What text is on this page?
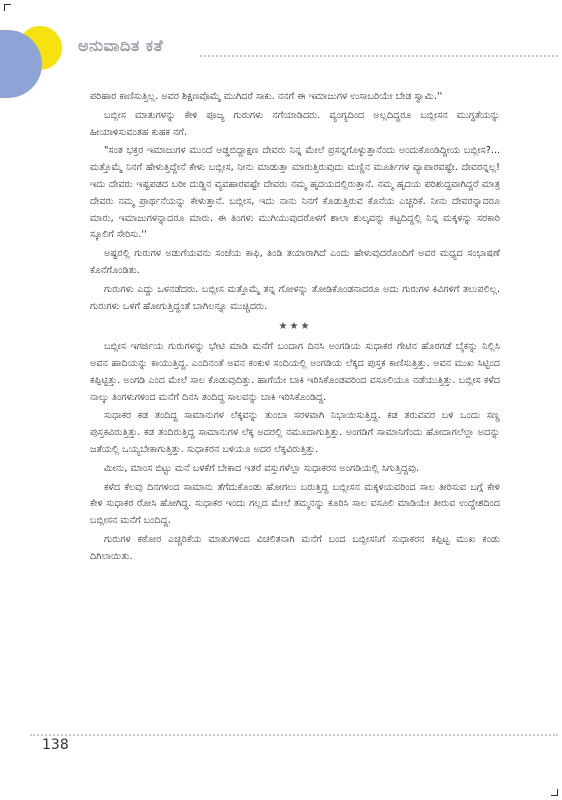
ಅನುವಾದಿತ ಕತೆ

ಪರಿಹಾರ ಕಾಣಿಸುತ್ತಿಲ್ಲ. ಅವರ ಶಿಕ್ಷಣವೊಮ್ಮೆ ಮುಗಿದರೆ ಸಾಕು. ನನಗೆ ಈ ಇಮಾಜುಗಳ ಉಸಾಬರಿಯೇ ಬೇಡ ಸ್ವಾಮಿ.''

ಬಬ್ಲೀಸ ಮಾತುಗಳನ್ನು ಕೇಳಿ ಪೂಜ್ಯ ಗುರುಗಳು ನಗೆಯಾಡಿದರು. ವ್ಯಂಗ್ಯದಿಂದ ಅಲ್ಲದಿದ್ದರೂ ಬಬ್ಲೀಸನ ಮುಗ್ಧತೆಯನ್ನು ಹೀಯಾಳಿಸುವಂತಹ ಕುಹಕ ನಗೆ.

"ಸಂತ ಭಕ್ತರ ಇಮಾಜುಗಳ ಮುಂದೆ ಅಡ್ಡಬಿದ್ದಾಕ್ಷಣ ದೇವರು ನಿನ್ನ ಮೇಲೆ ಪ್ರಸನ್ನಗೊಳ್ಳುತ್ತಾನೆಂದು ಅಂದುಕೊಂಡಿದ್ದೀಯ ಬಬ್ಲೀಸ?... ಮತ್ತೊಮ್ಮೆ ನಿನಗೆ ಹೇಳುತ್ತಿದ್ದೇನೆ ಕೇಳು ಬಬ್ಲೀಸ, ನೀನು ಮಾಡುತ್ತಾ ಮಾರುತ್ತಿರುವುದು ಮಣ್ಣಿನ ಮೂರ್ತಿಗಳ ವ್ಯಾಪಾರವಷ್ಟೇ. ದೇವರನ್ನಲ್ಲ! ಇದು ದೇವರು ಇಷ್ಟಪಡದ ಬರೀ ದುಡ್ಡಿನ ವ್ಯವಹಾರವಷ್ಟೇ ದೇವರು ನಮ್ಮ ಹೃದಯದಲ್ಲಿರುತ್ತಾನೆ. ನಮ್ಮ ಹೃದಯ ಪರಿಶುದ್ಧವಾಗಿದ್ದರೆ ಮಾತ್ರ ದೇವರು ನಮ್ಮ ಪ್ರಾರ್ಥನೆಯನ್ನು ಕೇಳುತ್ತಾನೆ. ಬಬ್ಲೀಸ, ಇದು ನಾನು ನಿನಗೆ ಕೊಡುತ್ತಿರುವ ಕೊನೆಯ ಎಚ್ಚರಿಕೆ. ನೀನು ದೇವರನ್ನಾದರೂ ಮಾರು, ಇಮಾಜುಗಳನ್ನಾದರೂ ಮಾರು. ಈ ತಿಂಗಳು ಮುಗಿಯುವುದರೊಳಗೆ ಶಾಲಾ ಶುಲ್ಕವನ್ನು ಕಟ್ಟದಿದ್ದಲ್ಲಿ ನಿನ್ನ ಮಕ್ಕಳನ್ನು ಸರಕಾರಿ ಸ್ಕೂಲಿಗೆ ಸೇರಿಸು.''

ಅಷ್ಟರಲ್ಲಿ ಗುರುಗಳ ಅಡುಗೆಯವನು ಸಂಜೆಯ ಕಾಫಿ, ತಿಂಡಿ ತಯಾರಾಗಿದೆ ಎಂದು ಹೇಳುವುದರೊಂದಿಗೆ ಅವರ ಮಧ್ಯದ ಸಂಭಾಷಣೆ ಕೊನೆಗೊಂಡಿತು.

ಗುರುಗಳು ಎದ್ದು ಒಳನಡೆದರು. ಬಬ್ಲೀಸ ಮತ್ತೊಮ್ಮೆ ತನ್ನ ಗೋಳನ್ನು ತೋಡಿಕೊಂಡನಾದರೂ ಅದು ಗುರುಗಳ ಕಿವಿಗಳಿಗೆ ತಲುಪಲಿಲ್ಲ. ಗುರುಗಳು ಒಳಗೆ ಹೋಗುತ್ತಿದ್ದಂತೆ ಬಾಗಿಲನ್ನೂ ಮುಚ್ಚಿದರು.

★★★

ಬಬ್ಲೀಸ ಇಗರ್ಜಿಯ ಗುರುಗಳನ್ನು ಭೇಟಿ ಮಾಡಿ ಮನೆಗೆ ಬಂದಾಗ ದಿನಸಿ ಅಂಗಡಿಯ ಸುಧಾಕರ ಗೇಟಿನ ಹೊರಗಡೆ ಬೈಕನ್ನು ನಿಲ್ಲಿಸಿ ಅವನ ಹಾದಿಯನ್ನು ಕಾಯುತ್ತಿದ್ದ. ಎಂದಿನಂತೆ ಅವನ ಕಂಕುಳ ಸಂದಿಯಲ್ಲಿ ಅಂಗಡಿಯ ಲೆಕ್ಕದ ಪುಸ್ತಕ ಕಾಣಿಸುತ್ತಿತ್ತು. ಅವನ ಮುಖ ಸಿಟ್ಟಿಂದ ಕಪ್ಪಿಟ್ಟಿತ್ತು. ಅಂಗಡಿ ಎಂದ ಮೇಲೆ ಸಾಲ ಕೊಡುವುದಿತ್ತು. ಹಾಗೆಯೇ ಬಾಕಿ ಇರಿಸಿಕೊಂಡವರಿಂದ ವಸೂಲಿಯೂ ನಡೆಯುತ್ತಿತ್ತು. ಬಬ್ಲೀಸ ಕಳೆದ ನಾಲ್ಕು ತಿಂಗಳುಗಳಿಂದ ಮನೆಗೆ ದಿನಸಿ ತಂದಿದ್ದ ಸಾಲವನ್ನು ಬಾಕಿ ಇರಿಸಿಕೊಂಡಿದ್ದ.

ಸುಧಾಕರ ಕಡ ತಂದಿದ್ದ ಸಾಮಾನುಗಳ ಲೆಕ್ಕವನ್ನು ತುಂಬಾ ಸರಳವಾಗಿ ನಿಭಾಯಿಸುತ್ತಿದ್ದ. ಕಡ ತರುವವರ ಬಳಿ ಒಂದು ಸಣ್ಣ ಪುಸ್ತಕವಿರುತ್ತಿತ್ತು. ಕಡ ತಂದಿರುತ್ತಿದ್ದ ಸಾಮಾನುಗಳ ಲೆಕ್ಕ ಅದರಲ್ಲಿ ನಮೂದಾಗುತ್ತಿತ್ತು. ಅಂಗಡಿಗೆ ಸಾಮಾನಿಗೆಂದು ಹೋದಾಗಲೆಲ್ಲಾ ಅದನ್ನು ಜತೆಯಲ್ಲಿ ಒಯ್ಯಬೇಕಾಗುತ್ತಿತ್ತು. ಸುಧಾಕರನ ಬಳಿಯೂ ಅದರ ಲೆಕ್ಕವಿರುತ್ತಿತ್ತು.

ಮೀನು, ಮಾಂಸ ಬಿಟ್ಟು ಮನೆ ಬಳಕೆಗೆ ಬೇಕಾದ ಇತರೆ ವಸ್ತುಗಳೆಲ್ಲಾ ಸುಧಾಕರನ ಅಂಗಡಿಯಲ್ಲಿ ಸಿಗುತ್ತಿದ್ದವು.

ಕಳೆದ ಕೆಲವು ದಿನಗಳಿಂದ ಸಾಮಾನು ತೆಗೆದುಕೊಂಡು ಹೋಗಲು ಬರುತ್ತಿದ್ದ ಬಬ್ಲೀಸನ ಮಕ್ಕಳಿಯವರಿಂದ ಸಾಲ ತೀರಿಸುವ ಬಗ್ಗೆ ಕೇಳಿ ಕೇಳಿ ಸುಧಾಕರ ರೋಸಿ ಹೋಗಿದ್ದ. ಸುಧಾಕರ ಇಂದು ಗಲ್ಲದ ಮೇಲೆ ತಮ್ಮನನ್ನು ಕೂರಿಸಿ ಸಾಲ ವಸೂಲಿ ಮಾಡಿಯೇ ತೀರುವ ಉದ್ದೇಶದಿಂದ ಬಬ್ಲೀಸನ ಮನೆಗೆ ಬಂದಿದ್ದ.

ಗುರುಗಳ ಕಠೋರ ಎಚ್ಚರಿಕೆಯ ಮಾತುಗಳಿಂದ ವಿಚಲಿತನಾಗಿ ಮನೆಗೆ ಬಂದ ಬಬ್ಲೀಸನಿಗೆ ಸುಧಾಕರನ ಕಪ್ಪಿಟ್ಟ ಮುಖ ಕಂಡು ದಿಗಿಲಾಯಿತು.

138
